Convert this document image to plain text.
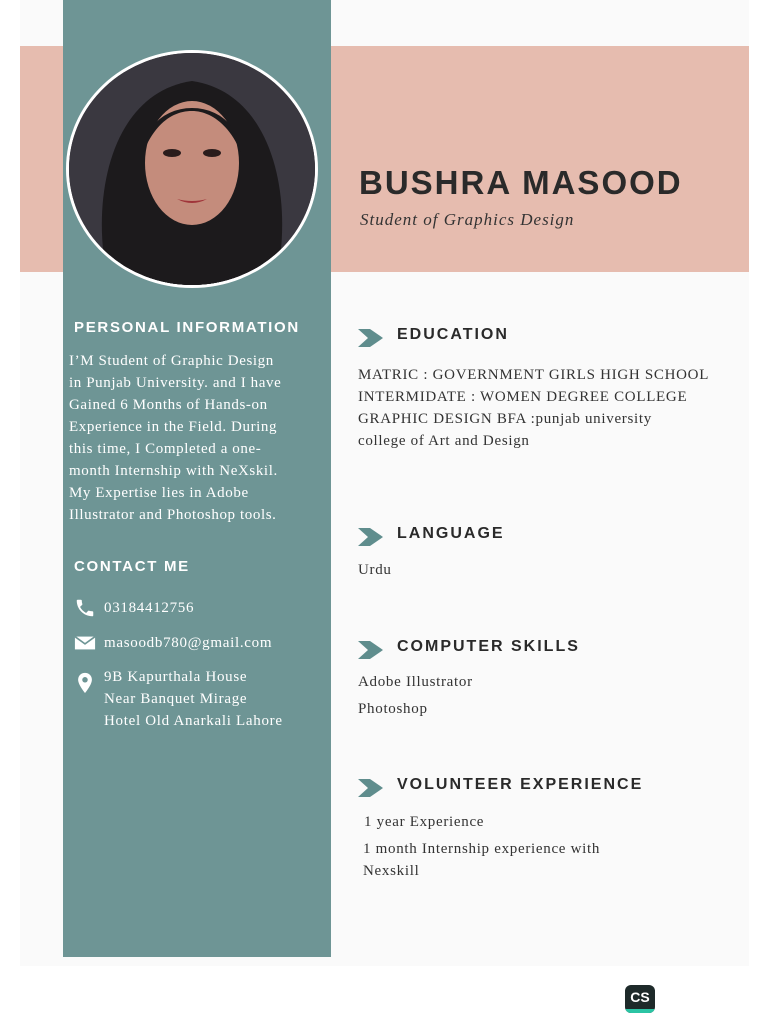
BUSHRA MASOOD

Student of Graphics Design

PERSONAL INFORMATION

I’M Student of Graphic Design
in Punjab University. and I have
Gained 6 Months of Hands-on
Experience in the Field. During
this time, I Completed a one-
month Internship with NeXskil.
My Expertise lies in Adobe
Illustrator and Photoshop tools.

CONTACT ME
03184412756
masoodb780@gmail.com
9B Kapurthala House
Near Banquet Mirage
Hotel Old Anarkali Lahore
EDUCATION

MATRIC : GOVERNMENT GIRLS HIGH SCHOOL
INTERMIDATE : WOMEN DEGREE COLLEGE
GRAPHIC DESIGN BFA :punjab university
college of Art and Design

LANGUAGE

Urdu

COMPUTER SKILLS

Adobe Illustrator
Photoshop

VOLUNTEER EXPERIENCE

1 year Experience

1 month Internship experience with
Nexskill

CS
